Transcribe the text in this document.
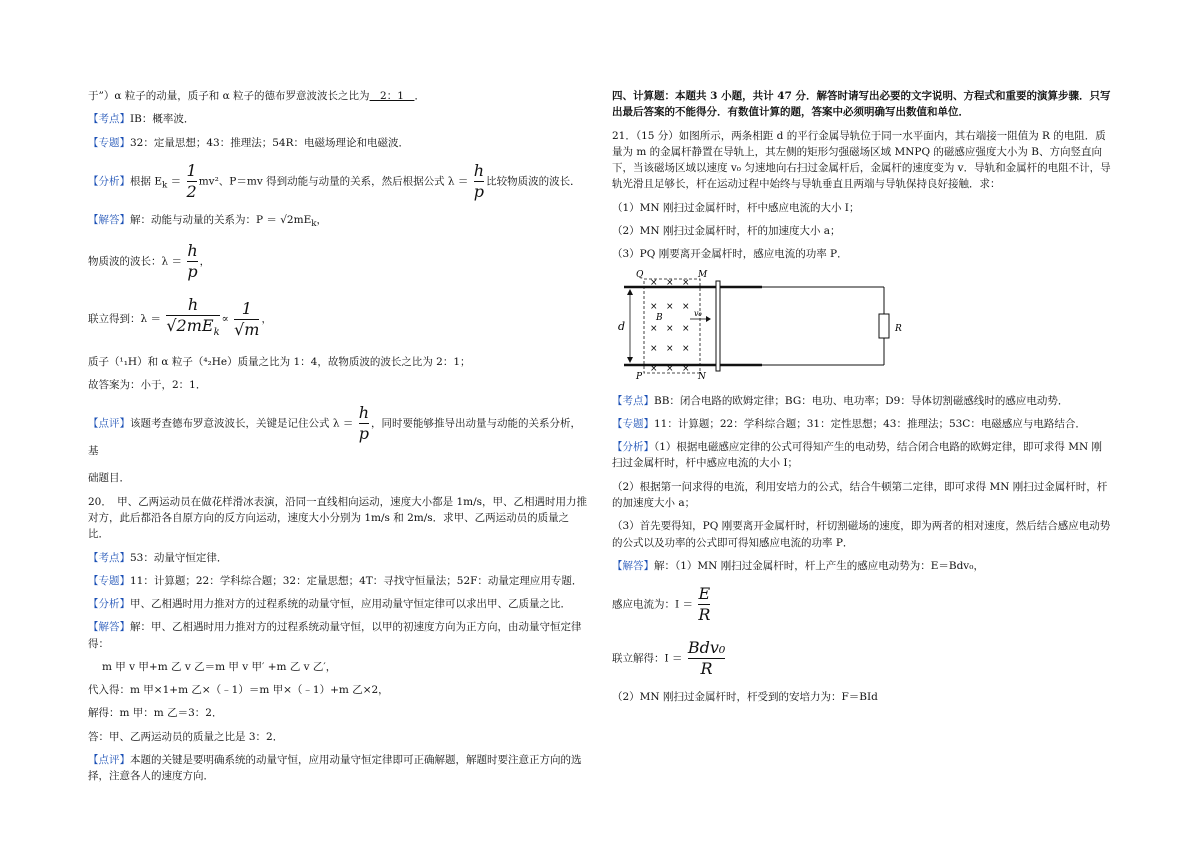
于”）α 粒子的动量，质子和 α 粒子的德布罗意波波长之比为　2：1　．

【考点】IB：概率波．

【专题】32：定量思想；43：推理法；54R：电磁场理论和电磁波．

【分析】根据 $E_k = \frac{1}{2} mv^2$、P＝mv 得到动能与动量的关系，然后根据公式 $\lambda = \frac{h}{p}$ 比较物质波的波长．

【解答】解：动能与动量的关系为：$P = √2mE_k$，

物质波的波长：$\lambda = \frac{h}{p}$ ，

联立得到：$\lambda = \frac{h}{√2mE_k} \propto \frac{1}{√m}$ ，

质子（¹₁H）和 α 粒子（⁴₂He）质量之比为 1：4，故物质波的波长之比为 2：1；

故答案为：小于，2：1．

【点评】该题考查德布罗意波波长，关键是记住公式 $\lambda = \frac{h}{p}$ ，同时要能够推导出动量与动能的关系分析，基

础题目．

20．　甲、乙两运动员在做花样滑冰表演，沿同一直线相向运动，速度大小都是 1m/s，甲、乙相遇时用力推对方，此后都沿各自原方向的反方向运动，速度大小分别为 1m/s 和 2m/s．求甲、乙两运动员的质量之比．

【考点】53：动量守恒定律．

【专题】11：计算题；22：学科综合题；32：定量思想；4T：寻找守恒量法；52F：动量定理应用专题．

【分析】甲、乙相遇时用力推对方的过程系统的动量守恒，应用动量守恒定律可以求出甲、乙质量之比．

【解答】解：甲、乙相遇时用力推对方的过程系统动量守恒，以甲的初速度方向为正方向，由动量守恒定律得：

m 甲 v 甲+m 乙 v 乙＝m 甲 v 甲′ +m 乙 v 乙′，

代入得：m 甲×1+m 乙×（﹣1）＝m 甲×（﹣1）+m 乙×2，

解得：m 甲：m 乙＝3：2．

答：甲、乙两运动员的质量之比是 3：2．

【点评】本题的关键是要明确系统的动量守恒，应用动量守恒定律即可正确解题，解题时要注意正方向的选择，注意各人的速度方向．

四、计算题：本题共 3 小题，共计 47 分．解答时请写出必要的文字说明、方程式和重要的演算步骤．只写出最后答案的不能得分．有数值计算的题，答案中必须明确写出数值和单位．

21．（15 分）如图所示，两条相距 d 的平行金属导轨位于同一水平面内，其右端接一阻值为 R 的电阻．质量为 m 的金属杆静置在导轨上，其左侧的矩形匀强磁场区域 MNPQ 的磁感应强度大小为 B、方向竖直向下，当该磁场区域以速度 v₀ 匀速地向右扫过金属杆后，金属杆的速度变为 v．导轨和金属杆的电阻不计，导轨光滑且足够长，杆在运动过程中始终与导轨垂直且两端与导轨保持良好接触．求：

（1）MN 刚扫过金属杆时，杆中感应电流的大小 I；

（2）MN 刚扫过金属杆时，杆的加速度大小 a；

（3）PQ 刚要离开金属杆时，感应电流的功率 P．

R
× × ×
× × ×
× × ×
× × ×
× × ×
B	v₀
Q	M
P	N
d

【考点】BB：闭合电路的欧姆定律；BG：电功、电功率；D9：导体切割磁感线时的感应电动势．

【专题】11：计算题；22：学科综合题；31：定性思想；43：推理法；53C：电磁感应与电路结合．

【分析】（1）根据电磁感应定律的公式可得知产生的电动势，结合闭合电路的欧姆定律，即可求得 MN 刚扫过金属杆时，杆中感应电流的大小 I；

（2）根据第一问求得的电流，利用安培力的公式，结合牛顿第二定律，即可求得 MN 刚扫过金属杆时，杆的加速度大小 a；

（3）首先要得知，PQ 刚要离开金属杆时，杆切割磁场的速度，即为两者的相对速度，然后结合感应电动势的公式以及功率的公式即可得知感应电流的功率 P．

【解答】解：（1）MN 刚扫过金属杆时，杆上产生的感应电动势为：E＝Bdv₀，

感应电流为：$I = \frac{E}{R}$

联立解得：$I = \frac{\text{Bdv₀}}{R}$

（2）MN 刚扫过金属杆时，杆受到的安培力为：F＝BId
